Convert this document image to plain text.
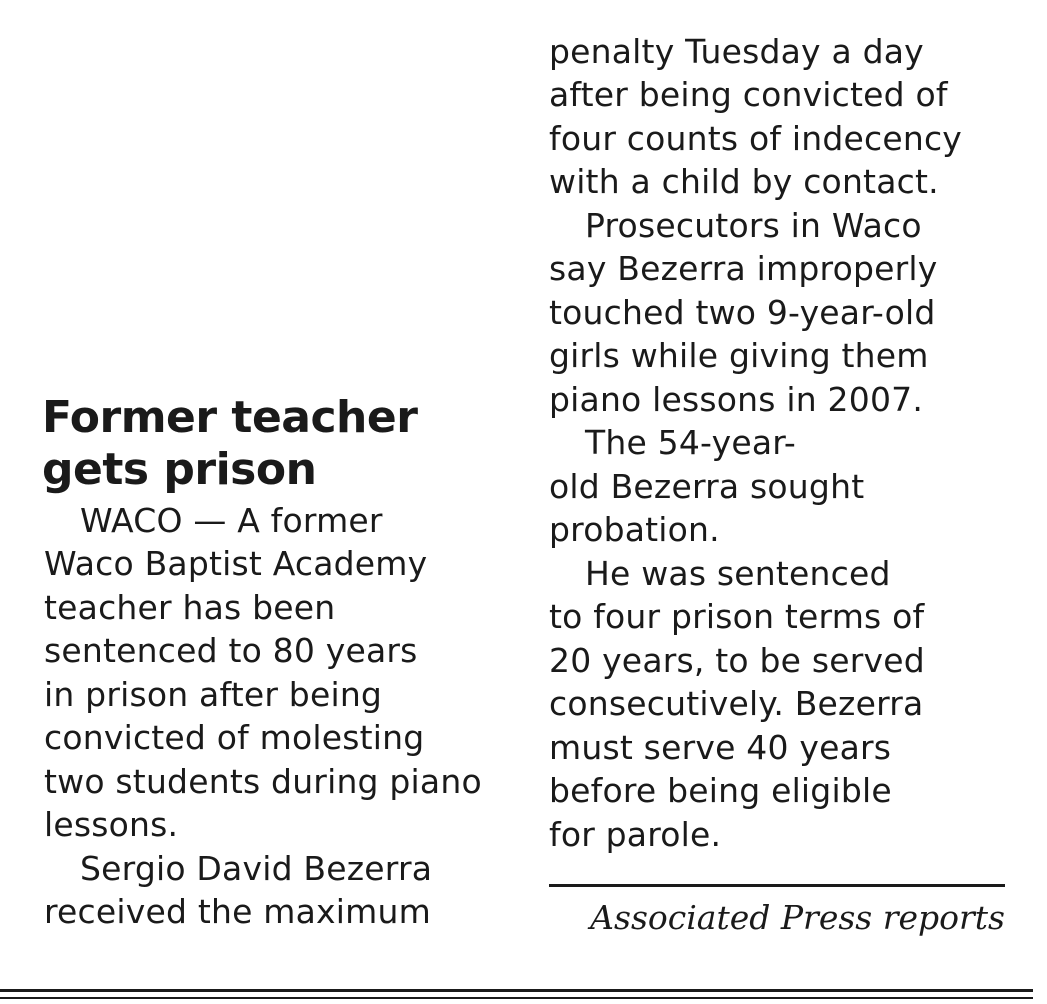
Former teacher
gets prison
WACO — A former
Waco Baptist Academy
teacher has been
sentenced to 80 years
in prison after being
convicted of molesting
two students during piano
lessons.
Sergio David Bezerra
received the maximum
penalty Tuesday a day
after being convicted of
four counts of indecency
with a child by contact.
Prosecutors in Waco
say Bezerra improperly
touched two 9-year-old
girls while giving them
piano lessons in 2007.
The 54-year-
old Bezerra sought
probation.
He was sentenced
to four prison terms of
20 years, to be served
consecutively. Bezerra
must serve 40 years
before being eligible
for parole.
Associated Press reports
